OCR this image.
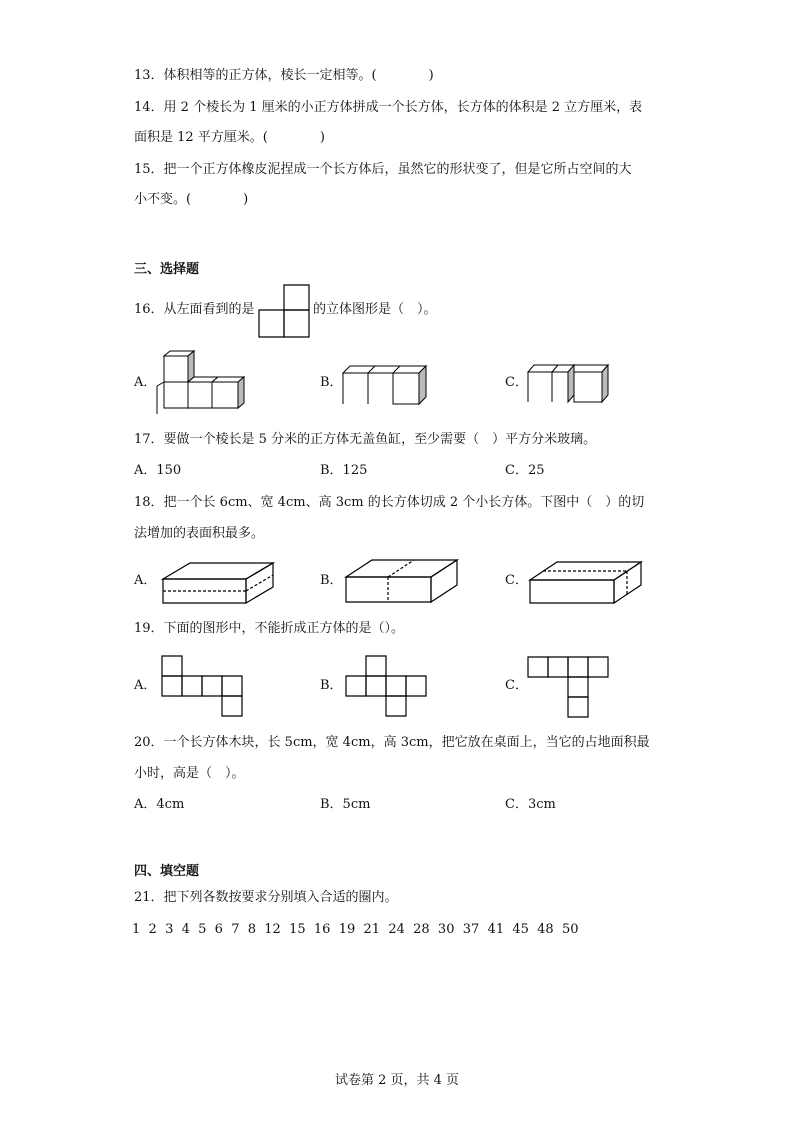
13．体积相等的正方体，棱长一定相等。(　　　　)
14．用 2 个棱长为 1 厘米的小正方体拼成一个长方体，长方体的体积是 2 立方厘米，表
面积是 12 平方厘米。(　　　　)
15．把一个正方体橡皮泥捏成一个长方体后，虽然它的形状变了，但是它所占空间的大
小不变。(　　　　)
三、选择题
16．从左面看到的是	的立体图形是（　）。
A．	B．	C．
17．要做一个棱长是 5 分米的正方体无盖鱼缸，至少需要（　）平方分米玻璃。
A．150	B．125	C．25
18．把一个长 6cm、宽 4cm、高 3cm 的长方体切成 2 个小长方体。下图中（　）的切
法增加的表面积最多。
A．	B．	C．
19．下面的图形中，不能折成正方体的是（）。
A．	B．	C．
20．一个长方体木块，长 5cm，宽 4cm，高 3cm，把它放在桌面上，当它的占地面积最
小时，高是（　）。
A．4cm	B．5cm	C．3cm
四、填空题
21．把下列各数按要求分别填入合适的圈内。
1  2  3  4  5  6  7  8  12  15  16  19  21  24  28  30  37  41  45  48  50
试卷第 2 页，共 4 页
